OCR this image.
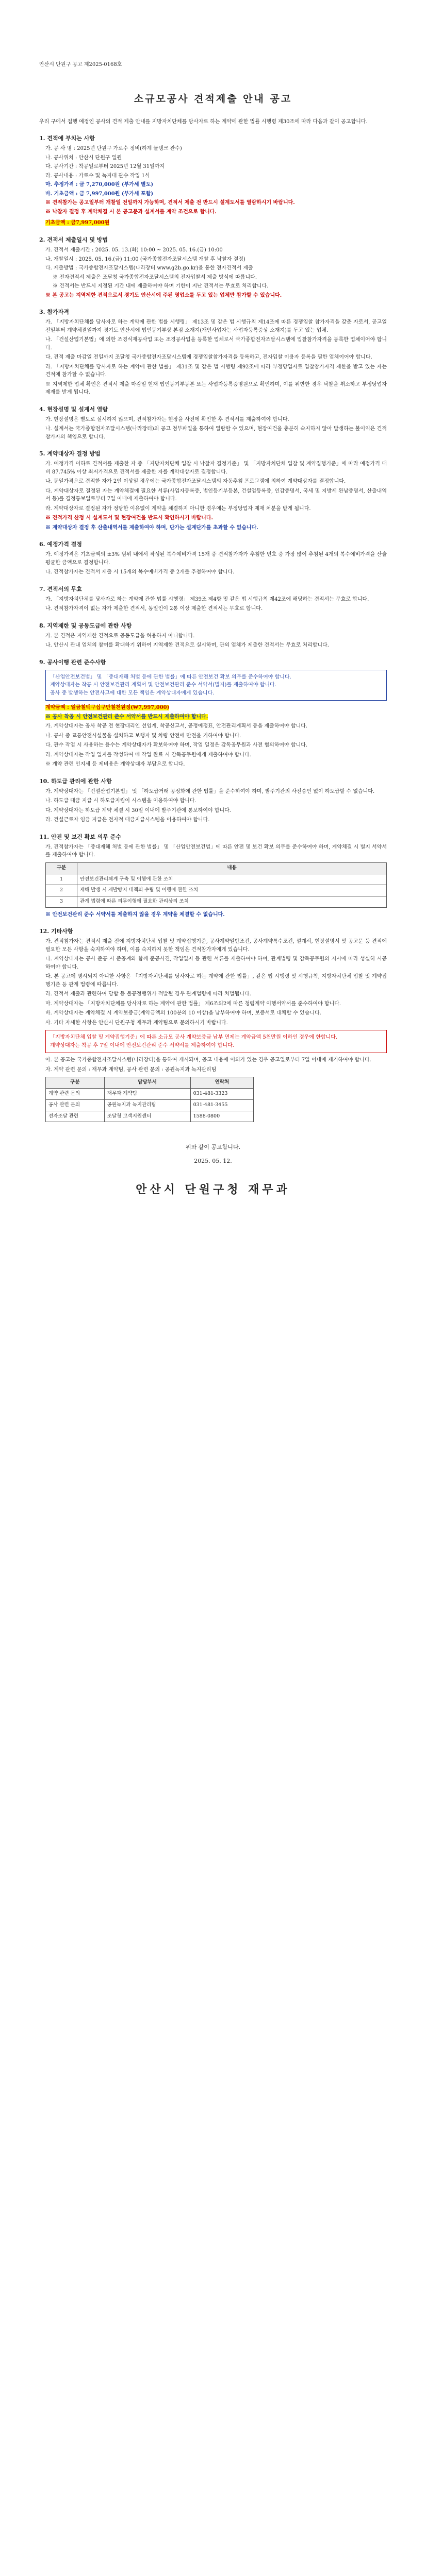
안산시 단원구 공고 제2025-0168호
소규모공사 견적제출 안내 공고
우리 구에서 집행 예정인 공사의 견적 제출 안내를 지방자치단체를 당사자로 하는 계약에 관한 법률 시행령 제30조에 따라 다음과 같이 공고합니다.
1. 견적에 부치는 사항
가. 공 사 명 : 2025년 단원구 가로수 정비(하계 물탱크 관수)
나. 공사위치 : 안산시 단원구 일원
다. 공사기간 : 착공일로부터 2025년 12월 31일까지
라. 공사내용 : 가로수 및 녹지대 관수 작업 1식
마. 추정가격 : 금 7,270,000원 (부가세 별도)
바. 기초금액 : 금 7,997,000원 (부가세 포함)
※ 견적참가는 공고일부터 개찰일 전일까지 가능하며, 견적서 제출 전 반드시 설계도서를 열람하시기 바랍니다.
※ 낙찰자 결정 후 계약체결 시 본 공고문과 설계서를 계약 조건으로 합니다.
기초금액 : 금7,997,000원
2. 견적서 제출일시 및 방법
가. 견적서 제출기간 : 2025. 05. 13.(화) 10:00 ~ 2025. 05. 16.(금) 10:00
나. 개찰일시 : 2025. 05. 16.(금) 11:00 (국가종합전자조달시스템 개찰 후 낙찰자 결정)
다. 제출방법 : 국가종합전자조달시스템(나라장터 www.g2b.go.kr)을 통한 전자견적서 제출
※ 전자견적서 제출은 조달청 국가종합전자조달시스템의 전자입찰서 제출 방식에 따릅니다.
※ 견적서는 반드시 지정된 기간 내에 제출하여야 하며 기한이 지난 견적서는 무효로 처리합니다.
※ 본 공고는 지역제한 견적으로서 경기도 안산시에 주된 영업소를 두고 있는 업체만 참가할 수 있습니다.
3. 참가자격
가. 「지방자치단체를 당사자로 하는 계약에 관한 법률 시행령」 제13조 및 같은 법 시행규칙 제14조에 따른 경쟁입찰 참가자격을 갖춘 자로서, 공고일 전일부터 계약체결일까지 경기도 안산시에 법인등기부상 본점 소재지(개인사업자는 사업자등록증상 소재지)를 두고 있는 업체.
나. 「건설산업기본법」에 의한 조경식재공사업 또는 조경공사업을 등록한 업체로서 국가종합전자조달시스템에 입찰참가자격을 등록한 업체이어야 합니다.
다. 견적 제출 마감일 전일까지 조달청 국가종합전자조달시스템에 경쟁입찰참가자격을 등록하고, 전자입찰 이용자 등록을 필한 업체이어야 합니다.
라. 「지방자치단체를 당사자로 하는 계약에 관한 법률」 제31조 및 같은 법 시행령 제92조에 따라 부정당업자로 입찰참가자격 제한을 받고 있는 자는 견적에 참가할 수 없습니다.
※ 지역제한 업체 확인은 견적서 제출 마감일 현재 법인등기부등본 또는 사업자등록증명원으로 확인하며, 이를 위반한 경우 낙찰을 취소하고 부정당업자 제재를 받게 됩니다.
4. 현장설명 및 설계서 열람
가. 현장설명은 별도로 실시하지 않으며, 견적참가자는 현장을 사전에 확인한 후 견적서를 제출하여야 합니다.
나. 설계서는 국가종합전자조달시스템(나라장터)의 공고 첨부파일을 통하여 열람할 수 있으며, 현장여건을 충분히 숙지하지 않아 발생하는 불이익은 견적참가자의 책임으로 합니다.
5. 계약대상자 결정 방법
가. 예정가격 이하로 견적서를 제출한 자 중 「지방자치단체 입찰 시 낙찰자 결정기준」 및 「지방자치단체 입찰 및 계약집행기준」에 따라 예정가격 대비 87.745% 이상 최저가격으로 견적서를 제출한 자를 계약대상자로 결정합니다.
나. 동일가격으로 견적한 자가 2인 이상일 경우에는 국가종합전자조달시스템의 자동추첨 프로그램에 의하여 계약대상자를 결정합니다.
다. 계약대상자로 결정된 자는 계약체결에 필요한 서류(사업자등록증, 법인등기부등본, 건설업등록증, 인감증명서, 국세 및 지방세 완납증명서, 산출내역서 등)를 결정통보일로부터 7일 이내에 제출하여야 합니다.
라. 계약대상자로 결정된 자가 정당한 이유없이 계약을 체결하지 아니한 경우에는 부정당업자 제재 처분을 받게 됩니다.
※ 견적가격 산정 시 설계도서 및 현장여건을 반드시 확인하시기 바랍니다.
※ 계약대상자 결정 후 산출내역서를 제출하여야 하며, 단가는 설계단가를 초과할 수 없습니다.
6. 예정가격 결정
가. 예정가격은 기초금액의 ±3% 범위 내에서 작성된 복수예비가격 15개 중 견적참가자가 추첨한 번호 중 가장 많이 추첨된 4개의 복수예비가격을 산술평균한 금액으로 결정합니다.
나. 견적참가자는 견적서 제출 시 15개의 복수예비가격 중 2개를 추첨하여야 합니다.
7. 견적서의 무효
가. 「지방자치단체를 당사자로 하는 계약에 관한 법률 시행령」 제39조 제4항 및 같은 법 시행규칙 제42조에 해당하는 견적서는 무효로 합니다.
나. 견적참가자격이 없는 자가 제출한 견적서, 동일인이 2통 이상 제출한 견적서는 무효로 합니다.
8. 지역제한 및 공동도급에 관한 사항
가. 본 견적은 지역제한 견적으로 공동도급을 허용하지 아니합니다.
나. 안산시 관내 업체의 참여를 확대하기 위하여 지역제한 견적으로 실시하며, 관외 업체가 제출한 견적서는 무효로 처리합니다.
9. 공사이행 관련 준수사항
「산업안전보건법」 및 「중대재해 처벌 등에 관한 법률」에 따른 안전보건 확보 의무를 준수하여야 합니다.
계약상대자는 착공 시 안전보건관리 계획서 및 안전보건관리 준수 서약서(별지)를 제출하여야 합니다.
공사 중 발생하는 안전사고에 대한 모든 책임은 계약상대자에게 있습니다.
계약금액 : 일금칠백구십구만칠천원정(₩7,997,000)
※ 공사 착공 시 안전보건관리 준수 서약서를 반드시 제출하여야 합니다.
가. 계약상대자는 공사 착공 전 현장대리인 선임계, 착공신고서, 공정예정표, 안전관리계획서 등을 제출하여야 합니다.
나. 공사 중 교통안전시설물을 설치하고 보행자 및 차량 안전에 만전을 기하여야 합니다.
다. 관수 작업 시 사용하는 용수는 계약상대자가 확보하여야 하며, 작업 일정은 감독공무원과 사전 협의하여야 합니다.
라. 계약상대자는 작업 일지를 작성하여 매 작업 완료 시 감독공무원에게 제출하여야 합니다.
※ 계약 관련 인지세 등 제비용은 계약상대자 부담으로 합니다.
10. 하도급 관리에 관한 사항
가. 계약상대자는 「건설산업기본법」 및 「하도급거래 공정화에 관한 법률」을 준수하여야 하며, 발주기관의 사전승인 없이 하도급할 수 없습니다.
나. 하도급 대금 지급 시 하도급지킴이 시스템을 이용하여야 합니다.
다. 계약상대자는 하도급 계약 체결 시 30일 이내에 발주기관에 통보하여야 합니다.
라. 건설근로자 임금 지급은 전자적 대금지급시스템을 이용하여야 합니다.
11. 안전 및 보건 확보 의무 준수
가. 견적참가자는 「중대재해 처벌 등에 관한 법률」 및 「산업안전보건법」에 따른 안전 및 보건 확보 의무를 준수하여야 하며, 계약체결 시 별지 서약서를 제출하여야 합니다.
구분	내용
1	안전보건관리체계 구축 및 이행에 관한 조치
2	재해 발생 시 재발방지 대책의 수립 및 이행에 관한 조치
3	관계 법령에 따른 의무이행에 필요한 관리상의 조치
※ 안전보건관리 준수 서약서를 제출하지 않을 경우 계약을 체결할 수 없습니다.
12. 기타사항
가. 견적참가자는 견적서 제출 전에 지방자치단체 입찰 및 계약집행기준, 공사계약일반조건, 공사계약특수조건, 설계서, 현장설명서 및 공고문 등 견적에 필요한 모든 사항을 숙지하여야 하며, 이를 숙지하지 못한 책임은 견적참가자에게 있습니다.
나. 계약상대자는 공사 준공 시 준공계와 함께 준공사진, 작업일지 등 관련 서류를 제출하여야 하며, 관계법령 및 감독공무원의 지시에 따라 성실히 시공하여야 합니다.
다. 본 공고에 명시되지 아니한 사항은 「지방자치단체를 당사자로 하는 계약에 관한 법률」, 같은 법 시행령 및 시행규칙, 지방자치단체 입찰 및 계약집행기준 등 관계 법령에 따릅니다.
라. 견적서 제출과 관련하여 담합 등 불공정행위가 적발될 경우 관계법령에 따라 처벌됩니다.
마. 계약상대자는 「지방자치단체를 당사자로 하는 계약에 관한 법률」 제6조의2에 따른 청렴계약 이행서약서를 준수하여야 합니다.
바. 계약상대자는 계약체결 시 계약보증금(계약금액의 100분의 10 이상)을 납부하여야 하며, 보증서로 대체할 수 있습니다.
사. 기타 자세한 사항은 안산시 단원구청 재무과 계약팀으로 문의하시기 바랍니다.
「지방자치단체 입찰 및 계약집행기준」에 따른 소규모 공사 계약보증금 납부 면제는 계약금액 5천만원 이하인 경우에 한합니다.
계약상대자는 착공 후 7일 이내에 안전보건관리 준수 서약서를 제출하여야 합니다.
아. 본 공고는 국가종합전자조달시스템(나라장터)을 통하여 게시되며, 공고 내용에 이의가 있는 경우 공고일로부터 7일 이내에 제기하여야 합니다.
자. 계약 관련 문의 : 재무과 계약팀, 공사 관련 문의 : 공원녹지과 녹지관리팀
구분	담당부서	연락처
계약 관련 문의	재무과 계약팀	031-481-3323
공사 관련 문의	공원녹지과 녹지관리팀	031-481-3455
전자조달 관련	조달청 고객지원센터	1588-0800
위와 같이 공고합니다.
2025. 05. 12.
안산시 단원구청 재무과
